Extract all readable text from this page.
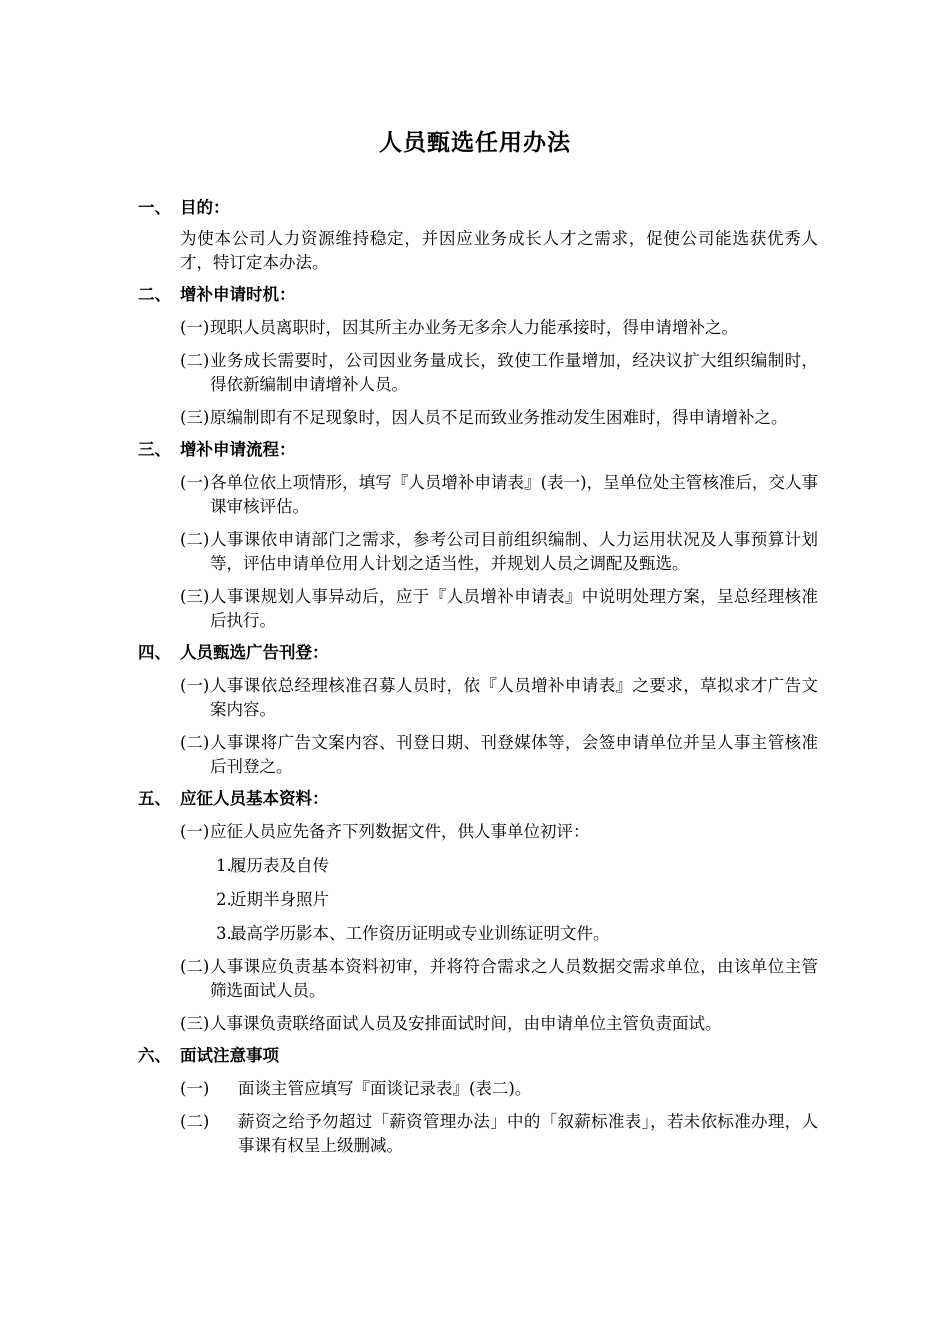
人员甄选任用办法
一、 目的：
为使本公司人力资源维持稳定，并因应业务成长人才之需求，促使公司能选获优秀人才，特订定本办法。
二、 增补申请时机：
(一) 现职人员离职时，因其所主办业务无多余人力能承接时，得申请增补之。
(二) 业务成长需要时，公司因业务量成长，致使工作量增加，经决议扩大组织编制时，得依新编制申请增补人员。
(三) 原编制即有不足现象时，因人员不足而致业务推动发生困难时，得申请增补之。
三、 增补申请流程：
(一) 各单位依上项情形，填写『人员增补申请表』(表一)，呈单位处主管核准后，交人事课审核评估。
(二) 人事课依申请部门之需求，参考公司目前组织编制、人力运用状况及人事预算计划等，评估申请单位用人计划之适当性，并规划人员之调配及甄选。
(三) 人事课规划人事异动后，应于『人员增补申请表』中说明处理方案，呈总经理核准后执行。
四、 人员甄选广告刊登：
(一) 人事课依总经理核准召募人员时，依『人员增补申请表』之要求，草拟求才广告文案内容。
(二) 人事课将广告文案内容、刊登日期、刊登媒体等，会签申请单位并呈人事主管核准后刊登之。
五、 应征人员基本资料：
(一) 应征人员应先备齐下列数据文件，供人事单位初评：
1.履历表及自传
2.近期半身照片
3.最高学历影本、工作资历证明或专业训练证明文件。
(二) 人事课应负责基本资料初审，并将符合需求之人员数据交需求单位，由该单位主管筛选面试人员。
(三) 人事课负责联络面试人员及安排面试时间，由申请单位主管负责面试。
六、 面试注意事项
(一)	面谈主管应填写『面谈记录表』(表二)。
(二)	薪资之给予勿超过「薪资管理办法」中的「叙薪标准表」，若未依标准办理，人事课有权呈上级删减。
